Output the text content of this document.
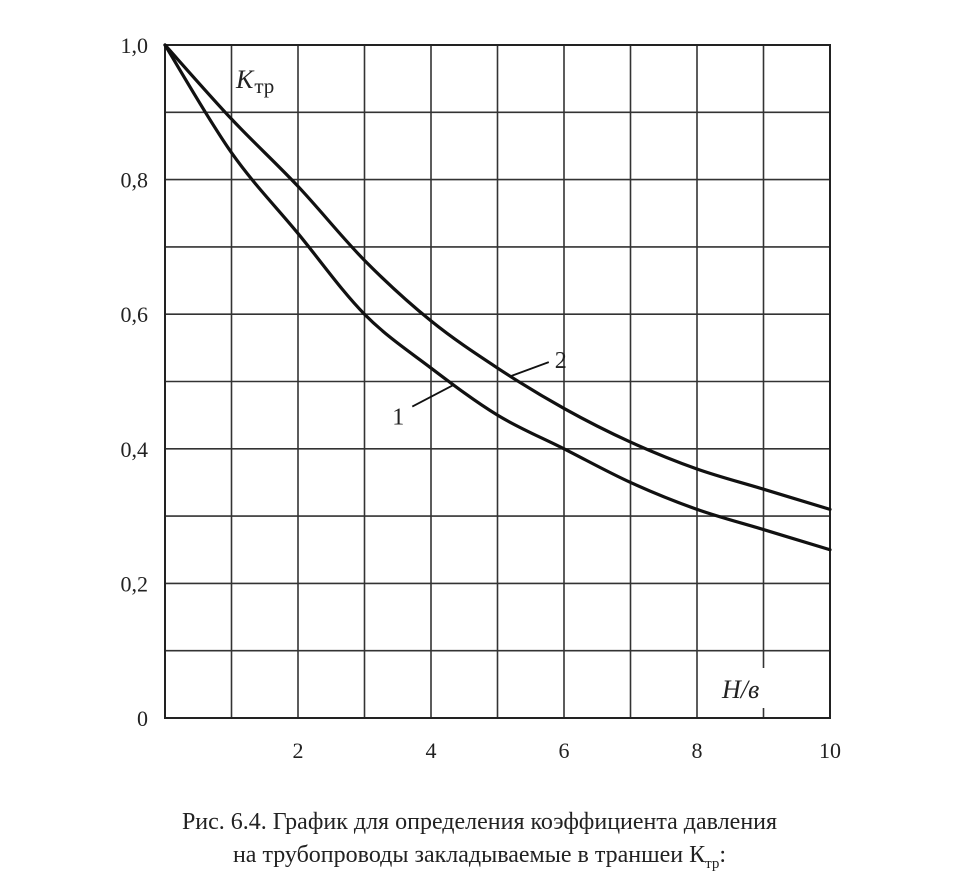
1
2
2	4	6	8	10
0
0,2
0,4
0,6
0,8
1,0
Kтр
H/в
Рис. 6.4. График для определения коэффициента давления
на трубопроводы закладываемые в траншеи $К_{тр}$:
